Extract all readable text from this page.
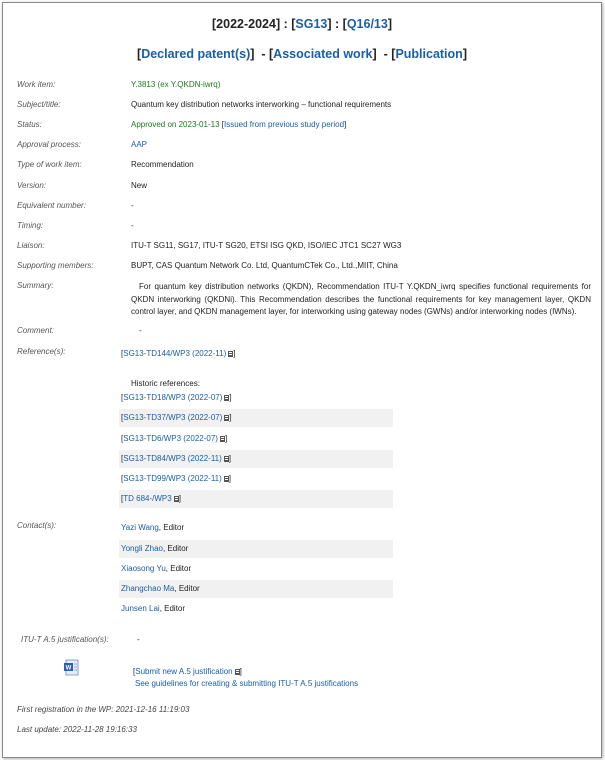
[2022-2024] : [SG13] : [Q16/13]
[Declared patent(s)]  - [Associated work]  - [Publication]
Work item:	Y.3813 (ex Y.QKDN-iwrq)
Subject/title:	Quantum key distribution networks interworking – functional requirements
Status:	Approved on 2023-01-13 [Issued from previous study period]
Approval process:	AAP
Type of work item:	Recommendation
Version:	New
Equivalent number:	-
Timing:	-
Liaison:	ITU-T SG11, SG17, ITU-T SG20, ETSI ISG QKD, ISO/IEC JTC1 SC27 WG3
Supporting members:	BUPT, CAS Quantum Network Co. Ltd, QuantumCTek Co., Ltd.,MIIT, China
Summary:	For quantum key distribution networks (QKDN), Recommendation ITU-T Y.QKDN_iwrq specifies functional requirements for QKDN interworking (QKDNi). This Recommendation describes the functional requirements for key management layer, QKDN control layer, and QKDN management layer, for interworking using gateway nodes (GWNs) and/or interworking nodes (IWNs).
Comment:	-
Reference(s):	[SG13-TD144/WP3 (2022-11) ]
Historic references:
[SG13-TD18/WP3 (2022-07) ]
[SG13-TD37/WP3 (2022-07) ]
[SG13-TD6/WP3 (2022-07) ]
[SG13-TD84/WP3 (2022-11) ]
[SG13-TD99/WP3 (2022-11) ]
[TD 684-/WP3 ]
Contact(s):	Yazi Wang, Editor
Yongli Zhao, Editor
Xiaosong Yu, Editor
Zhangchao Ma, Editor
Junsen Lai, Editor
ITU-T A.5 justification(s):	-
W	[Submit new A.5 justification ]
See guidelines for creating & submitting ITU-T A.5 justifications
First registration in the WP: 2021-12-16 11:19:03
Last update: 2022-11-28 19:16:33
